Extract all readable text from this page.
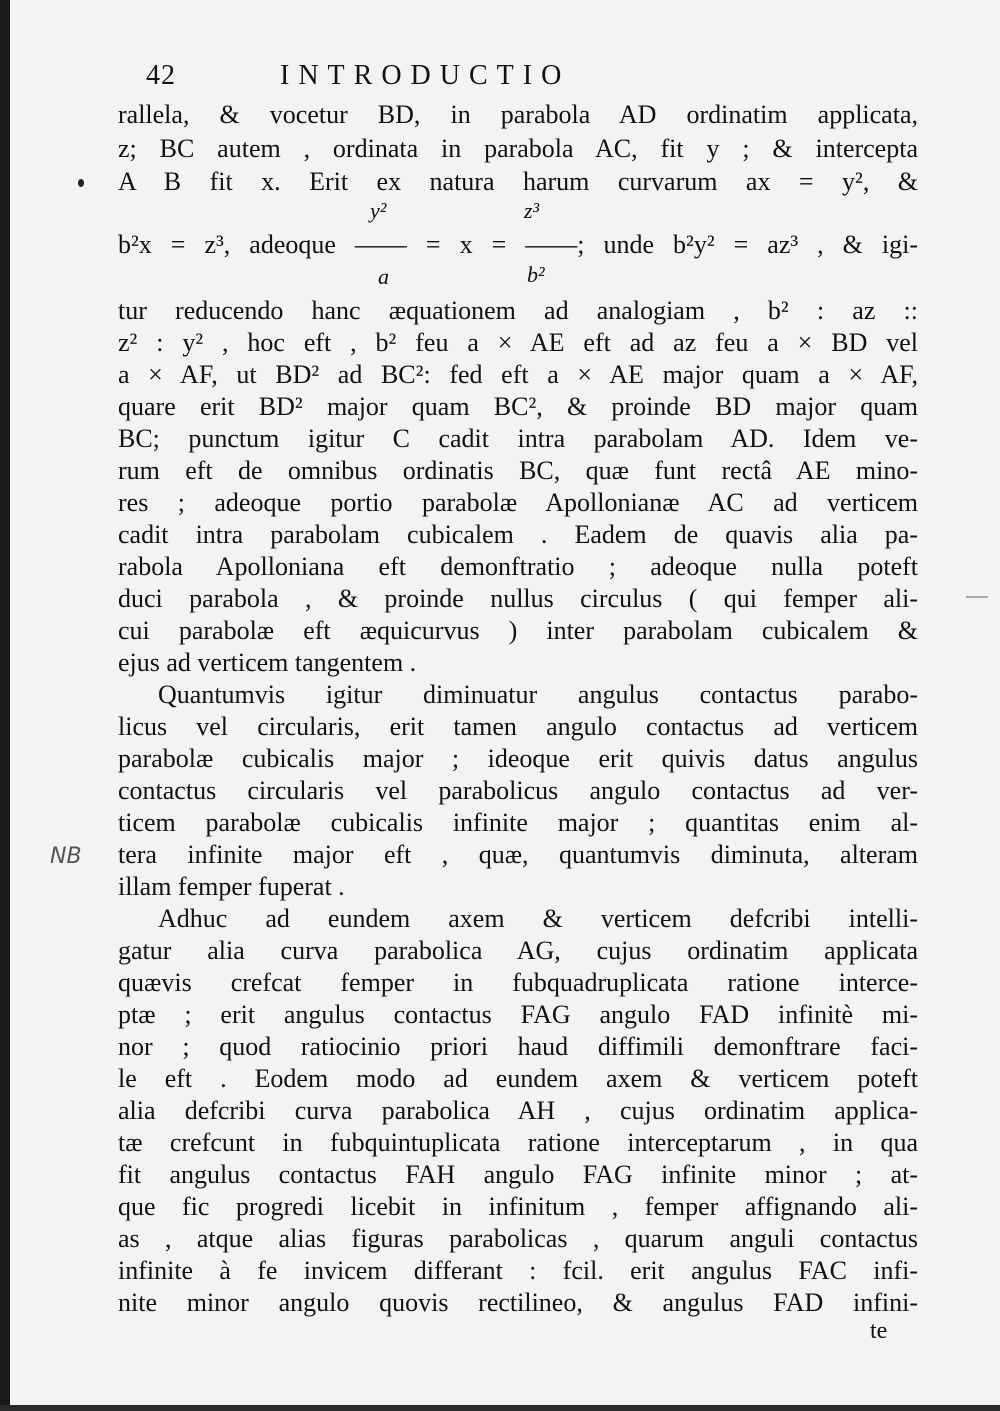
42	INTRODUCTIO
rallela, & vocetur BD, in parabola AD ordinatim applicata,
z; BC autem , ordinata in parabola AC, fit y ; & intercepta
A B fit x. Erit ex natura harum curvarum ax = y², &
b²x = z³, adeoque —— = x = ——; unde b²y² = az³ , & igi-
tur reducendo hanc æquationem ad analogiam , b² : az ::
z² : y² , hoc eft , b² feu a × AE eft ad az feu a × BD vel
a × AF, ut BD² ad BC²: fed eft a × AE major quam a × AF,
quare erit BD² major quam BC², & proinde BD major quam
BC; punctum igitur C cadit intra parabolam AD. Idem ve-
rum eft de omnibus ordinatis BC, quæ funt rectâ AE mino-
res ; adeoque portio parabolæ Apollonianæ AC ad verticem
cadit intra parabolam cubicalem . Eadem de quavis alia pa-
rabola Apolloniana eft demonftratio ; adeoque nulla poteft
duci parabola , & proinde nullus circulus ( qui femper ali-
cui parabolæ eft æquicurvus ) inter parabolam cubicalem &
ejus ad verticem tangentem .
Quantumvis igitur diminuatur angulus contactus parabo-
licus vel circularis, erit tamen angulo contactus ad verticem
parabolæ cubicalis major ; ideoque erit quivis datus angulus
contactus circularis vel parabolicus angulo contactus ad ver-
ticem parabolæ cubicalis infinite major ; quantitas enim al-
tera infinite major eft , quæ, quantumvis diminuta, alteram
illam femper fuperat .
Adhuc ad eundem axem & verticem defcribi intelli-
gatur alia curva parabolica AG, cujus ordinatim applicata
quævis crefcat femper in fubquadruplicata ratione interce-
ptæ ; erit angulus contactus FAG angulo FAD infinitè mi-
nor ; quod ratiocinio priori haud diffimili demonftrare faci-
le eft . Eodem modo ad eundem axem & verticem poteft
alia defcribi curva parabolica AH , cujus ordinatim applica-
tæ crefcunt in fubquintuplicata ratione interceptarum , in qua
fit angulus contactus FAH angulo FAG infinite minor ; at-
que fic progredi licebit in infinitum , femper affignando ali-
as , atque alias figuras parabolicas , quarum anguli contactus
infinite à fe invicem differant : fcil. erit angulus FAC infi-
nite minor angulo quovis rectilineo, & angulus FAD infini-
y²	z³
a	b²
NB
te
